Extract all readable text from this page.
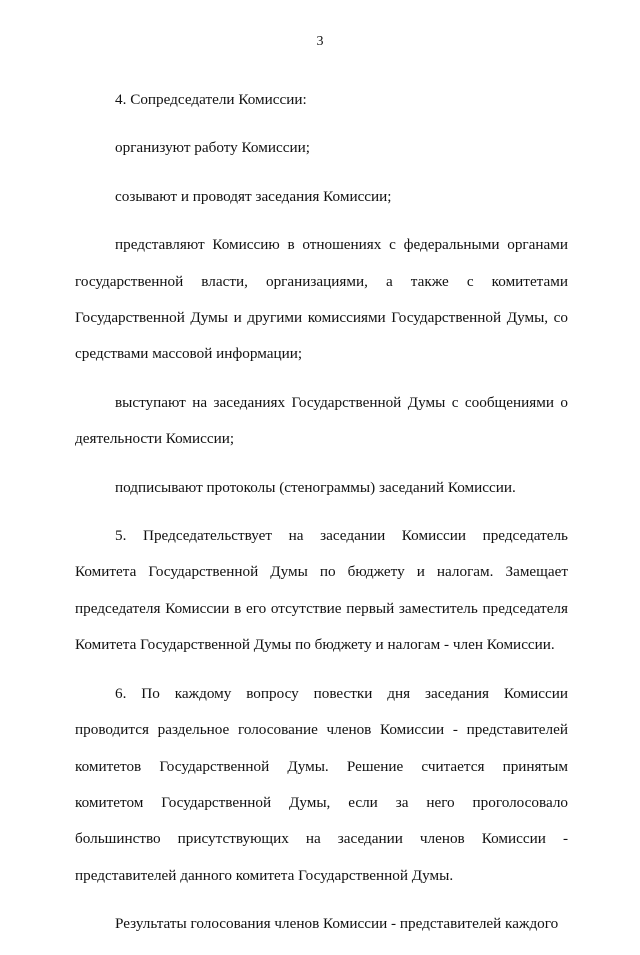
3

4. Сопредседатели Комиссии:

организуют работу Комиссии;

созывают и проводят заседания Комиссии;

представляют Комиссию в отношениях с федеральными органами государственной власти, организациями, а также с комитетами Государственной Думы и другими комиссиями Государственной Думы, со средствами массовой информации;

выступают на заседаниях Государственной Думы с сообщениями о деятельности Комиссии;

подписывают протоколы (стенограммы) заседаний Комиссии.

5. Председательствует на заседании Комиссии председатель Комитета Государственной Думы по бюджету и налогам. Замещает председателя Комиссии в его отсутствие первый заместитель председателя Комитета Государственной Думы по бюджету и налогам - член Комиссии.

6. По каждому вопросу повестки дня заседания Комиссии проводится раздельное голосование членов Комиссии - представителей комитетов Государственной Думы. Решение считается принятым комитетом Государственной Думы, если за него проголосовало большинство присутствующих на заседании членов Комиссии - представителей данного комитета Государственной Думы.

Результаты голосования членов Комиссии - представителей каждого
